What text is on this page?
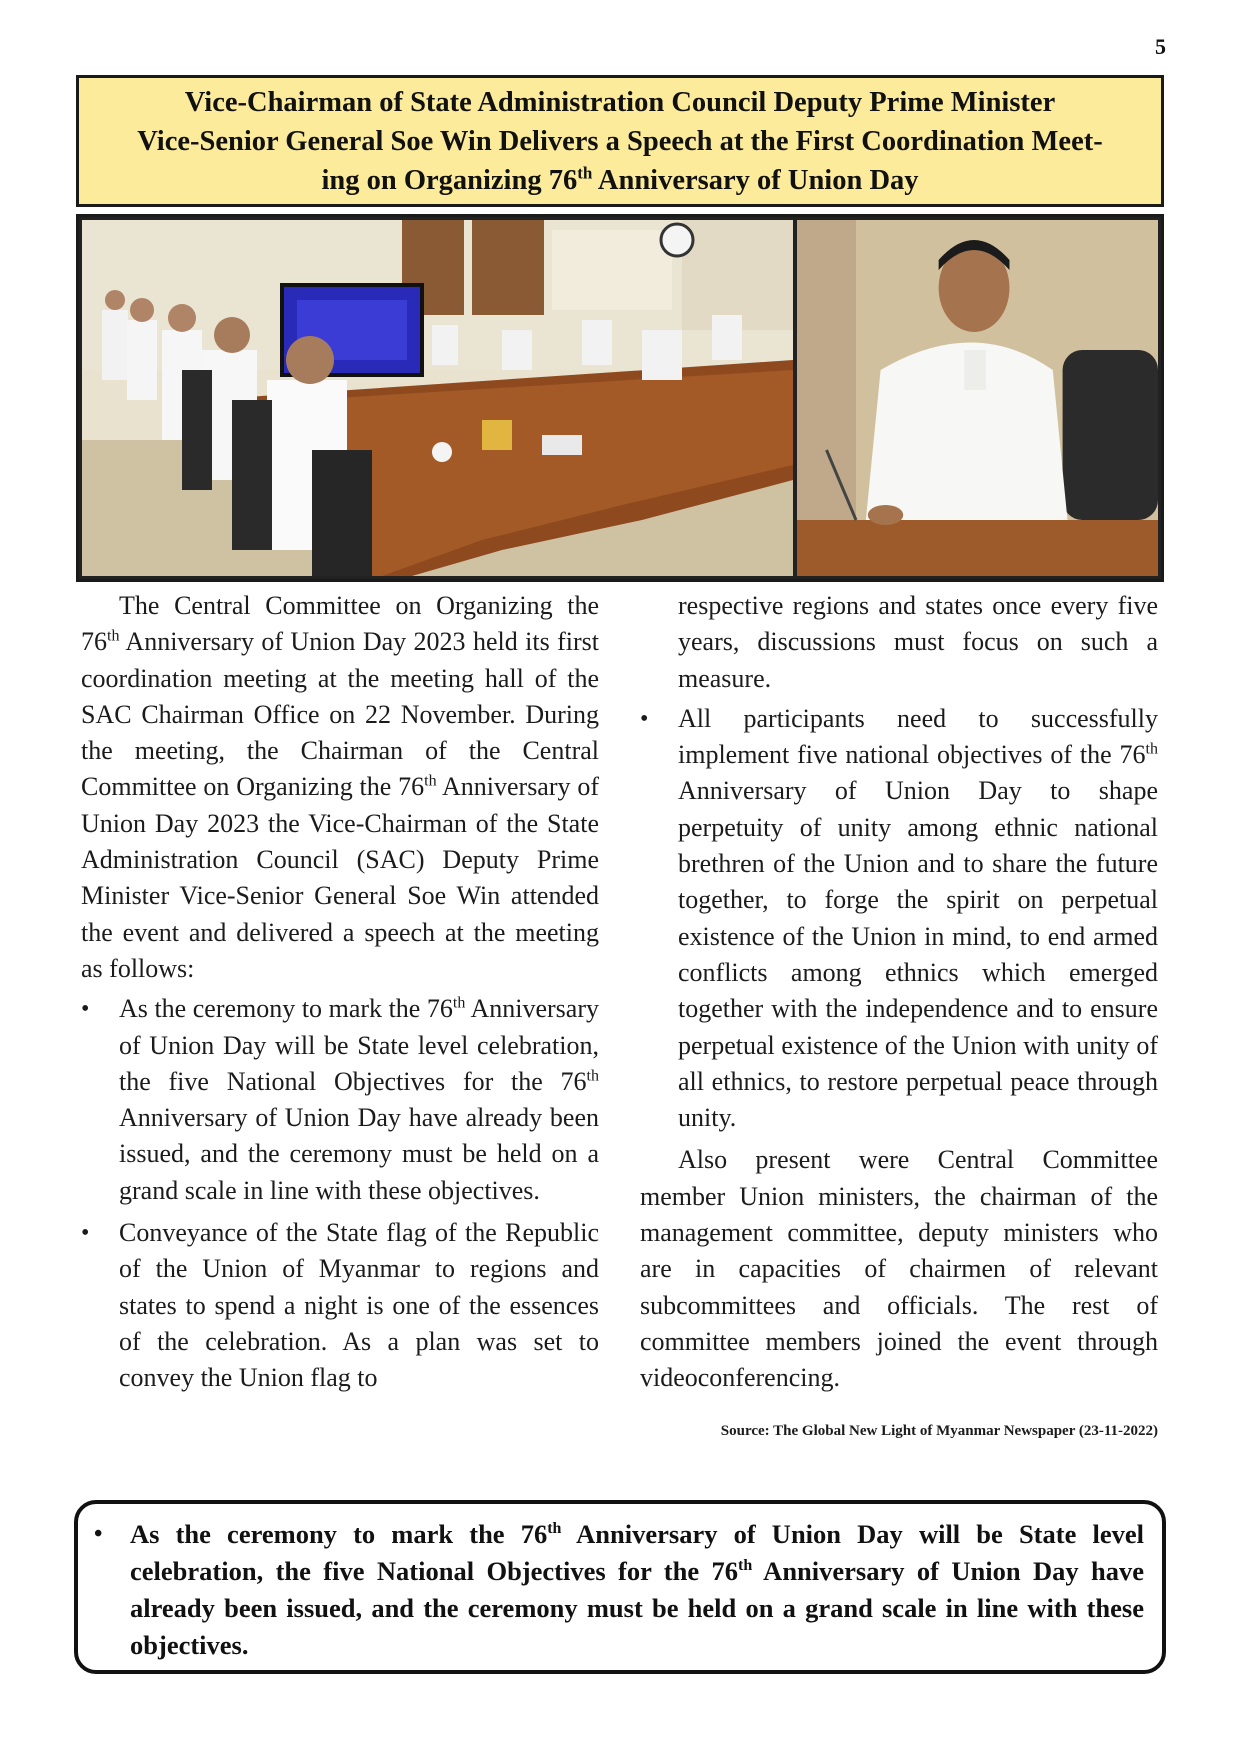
5
Vice-Chairman of State Administration Council Deputy Prime Minister
Vice-Senior General Soe Win Delivers a Speech at the First Coordination Meet-
ing on Organizing 76th Anniversary of Union Day

The Central Committee on Organizing the 76th Anniversary of Union Day 2023 held its first coordination meeting at the meeting hall of the SAC Chairman Office on 22 November. During the meeting, the Chairman of the Central Committee on Organizing the 76th Anniversary of Union Day 2023 the Vice-Chairman of the State Administration Council (SAC) Deputy Prime Minister Vice-Senior General Soe Win attended the event and delivered a speech at the meeting as follows:

• As the ceremony to mark the 76th Anniversary of Union Day will be State level celebration, the five National Objectives for the 76th Anniversary of Union Day have already been issued, and the ceremony must be held on a grand scale in line with these objectives.
• Conveyance of the State flag of the Republic of the Union of Myanmar to regions and states to spend a night is one of the essences of the celebration. As a plan was set to convey the Union flag to

respective regions and states once every five years, discussions must focus on such a measure.

• All participants need to successfully implement five national objectives of the 76th Anniversary of Union Day to shape perpetuity of unity among ethnic national brethren of the Union and to share the future together, to forge the spirit on perpetual existence of the Union in mind, to end armed conflicts among ethnics which emerged together with the independence and to ensure perpetual existence of the Union with unity of all ethnics, to restore perpetual peace through unity.

Also present were Central Committee member Union ministers, the chairman of the management committee, deputy ministers who are in capacities of chairmen of relevant subcommittees and officials. The rest of committee members joined the event through videoconferencing.

Source: The Global New Light of Myanmar Newspaper (23-11-2022)

• As the ceremony to mark the 76th Anniversary of Union Day will be State level celebration, the five National Objectives for the 76th Anniversary of Union Day have already been issued, and the ceremony must be held on a grand scale in line with these objectives.
